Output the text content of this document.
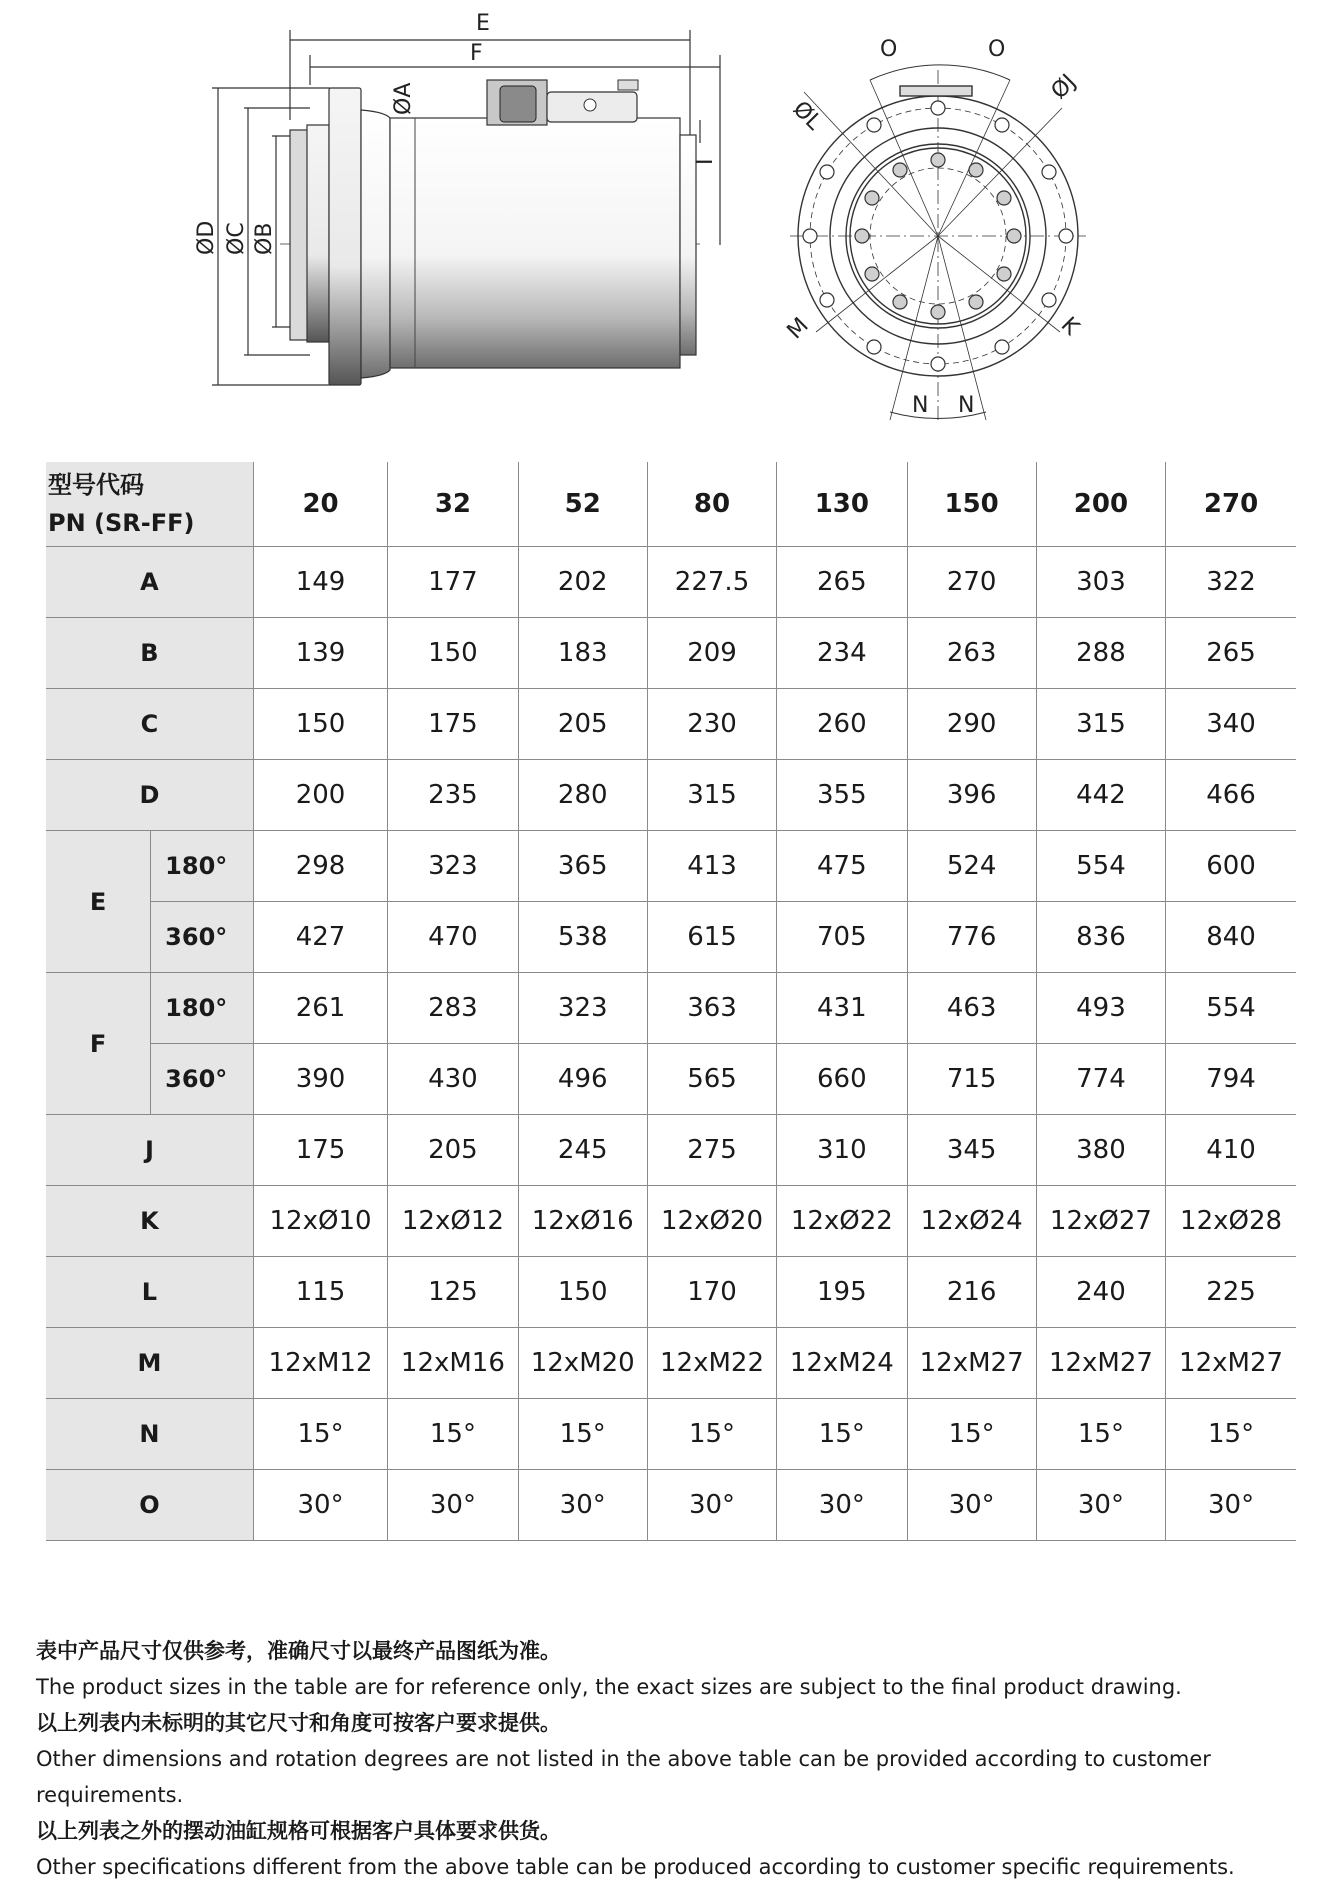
E
F
ØA
ØD ØC ØB
I
O	O
ØJ
ØL
M	K
N N
型号代码
PN (SR-FF)		20	32	52	80	130	150	200	270
A		149	177	202	227.5	265	270	303	322
B		139	150	183	209	234	263	288	265
C		150	175	205	230	260	290	315	340
D		200	235	280	315	355	396	442	466
E	180°	298	323	365	413	475	524	554	600
	360°	427	470	538	615	705	776	836	840
F	180°	261	283	323	363	431	463	493	554
	360°	390	430	496	565	660	715	774	794
J		175	205	245	275	310	345	380	410
K		12xØ10	12xØ12	12xØ16	12xØ20	12xØ22	12xØ24	12xØ27	12xØ28
L		115	125	150	170	195	216	240	225
M		12xM12	12xM16	12xM20	12xM22	12xM24	12xM27	12xM27	12xM27
N		15°	15°	15°	15°	15°	15°	15°	15°
O		30°	30°	30°	30°	30°	30°	30°	30°
表中产品尺寸仅供参考，准确尺寸以最终产品图纸为准。
The product sizes in the table are for reference only, the exact sizes are subject to the final product drawing.
以上列表内未标明的其它尺寸和角度可按客户要求提供。
Other dimensions and rotation degrees are not listed in the above table can be provided according to customer requirements.
以上列表之外的摆动油缸规格可根据客户具体要求供货。
Other specifications different from the above table can be produced according to customer specific requirements.
